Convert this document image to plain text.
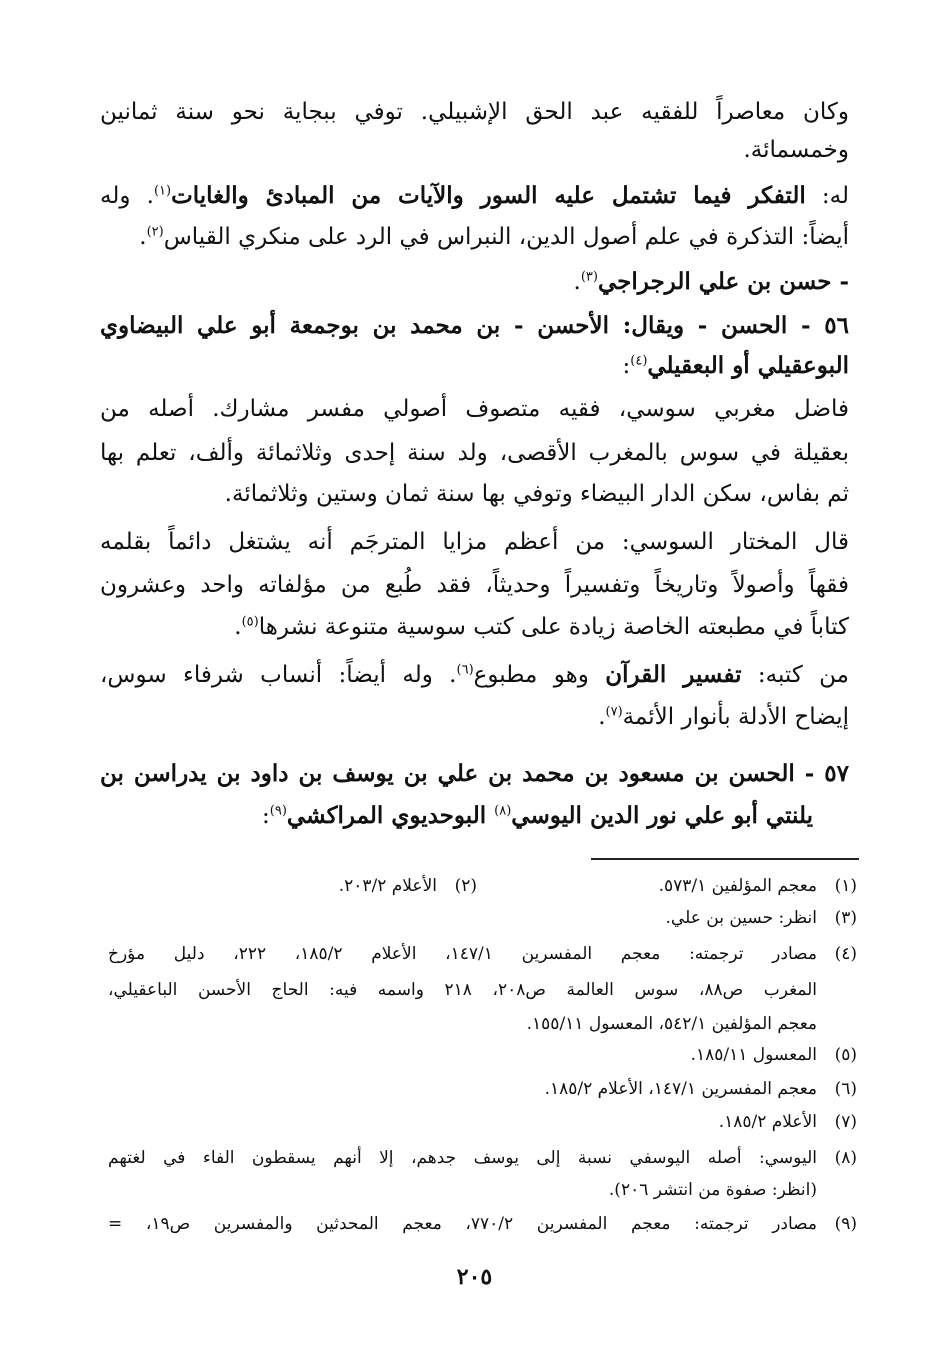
وكان معاصراً للفقيه عبد الحق الإشبيلي. توفي ببجاية نحو سنة ثمانين
وخمسمائة.
له: التفكر فيما تشتمل عليه السور والآيات من المبادئ والغايات$^{(١)}$. وله
أيضاً: التذكرة في علم أصول الدين، النبراس في الرد على منكري القياس$^{(٢)}$.
- حسن بن علي الرجراجي$^{(٣)}$.
٥٦ - الحسن - ويقال: الأحسن - بن محمد بن بوجمعة أبو علي البيضاوي
البوعقيلي أو البعقيلي$^{(٤)}$:
فاضل مغربي سوسي، فقيه متصوف أصولي مفسر مشارك. أصله من
بعقيلة في سوس بالمغرب الأقصى، ولد سنة إحدى وثلاثمائة وألف، تعلم بها
ثم بفاس، سكن الدار البيضاء وتوفي بها سنة ثمان وستين وثلاثمائة.
قال المختار السوسي: من أعظم مزايا المترجَم أنه يشتغل دائماً بقلمه
فقهاً وأصولاً وتاريخاً وتفسيراً وحديثاً، فقد طُبع من مؤلفاته واحد وعشرون
كتاباً في مطبعته الخاصة زيادة على كتب سوسية متنوعة نشرها$^{(٥)}$.
من كتبه: تفسير القرآن وهو مطبوع$^{(٦)}$. وله أيضاً: أنساب شرفاء سوس،
إيضاح الأدلة بأنوار الأئمة$^{(٧)}$.
٥٧ - الحسن بن مسعود بن محمد بن علي بن يوسف بن داود بن يدراسن بن
يلنتي أبو علي نور الدين اليوسي$^{(٨)}$ البوحديوي المراكشي$^{(٩)}$:
(١)معجم المؤلفين ٥٧٣/١.(٢)الأعلام ٢٠٣/٢.
(٣)انظر: حسين بن علي.
(٤)مصادر ترجمته: معجم المفسرين ١٤٧/١، الأعلام ١٨٥/٢، ٢٢٢، دليل مؤرخ
المغرب ص٨٨، سوس العالمة ص٢٠٨، ٢١٨ واسمه فيه: الحاج الأحسن الباعقيلي،
معجم المؤلفين ٥٤٢/١، المعسول ١٥٥/١١.
(٥)المعسول ١٨٥/١١.
(٦)معجم المفسرين ١٤٧/١، الأعلام ١٨٥/٢.
(٧)الأعلام ١٨٥/٢.
(٨)اليوسي: أصله اليوسفي نسبة إلى يوسف جدهم، إلا أنهم يسقطون الفاء في لغتهم
(انظر: صفوة من انتشر ٢٠٦).
(٩)مصادر ترجمته: معجم المفسرين ٧٧٠/٢، معجم المحدثين والمفسرين ص١٩، =
٢٠٥
